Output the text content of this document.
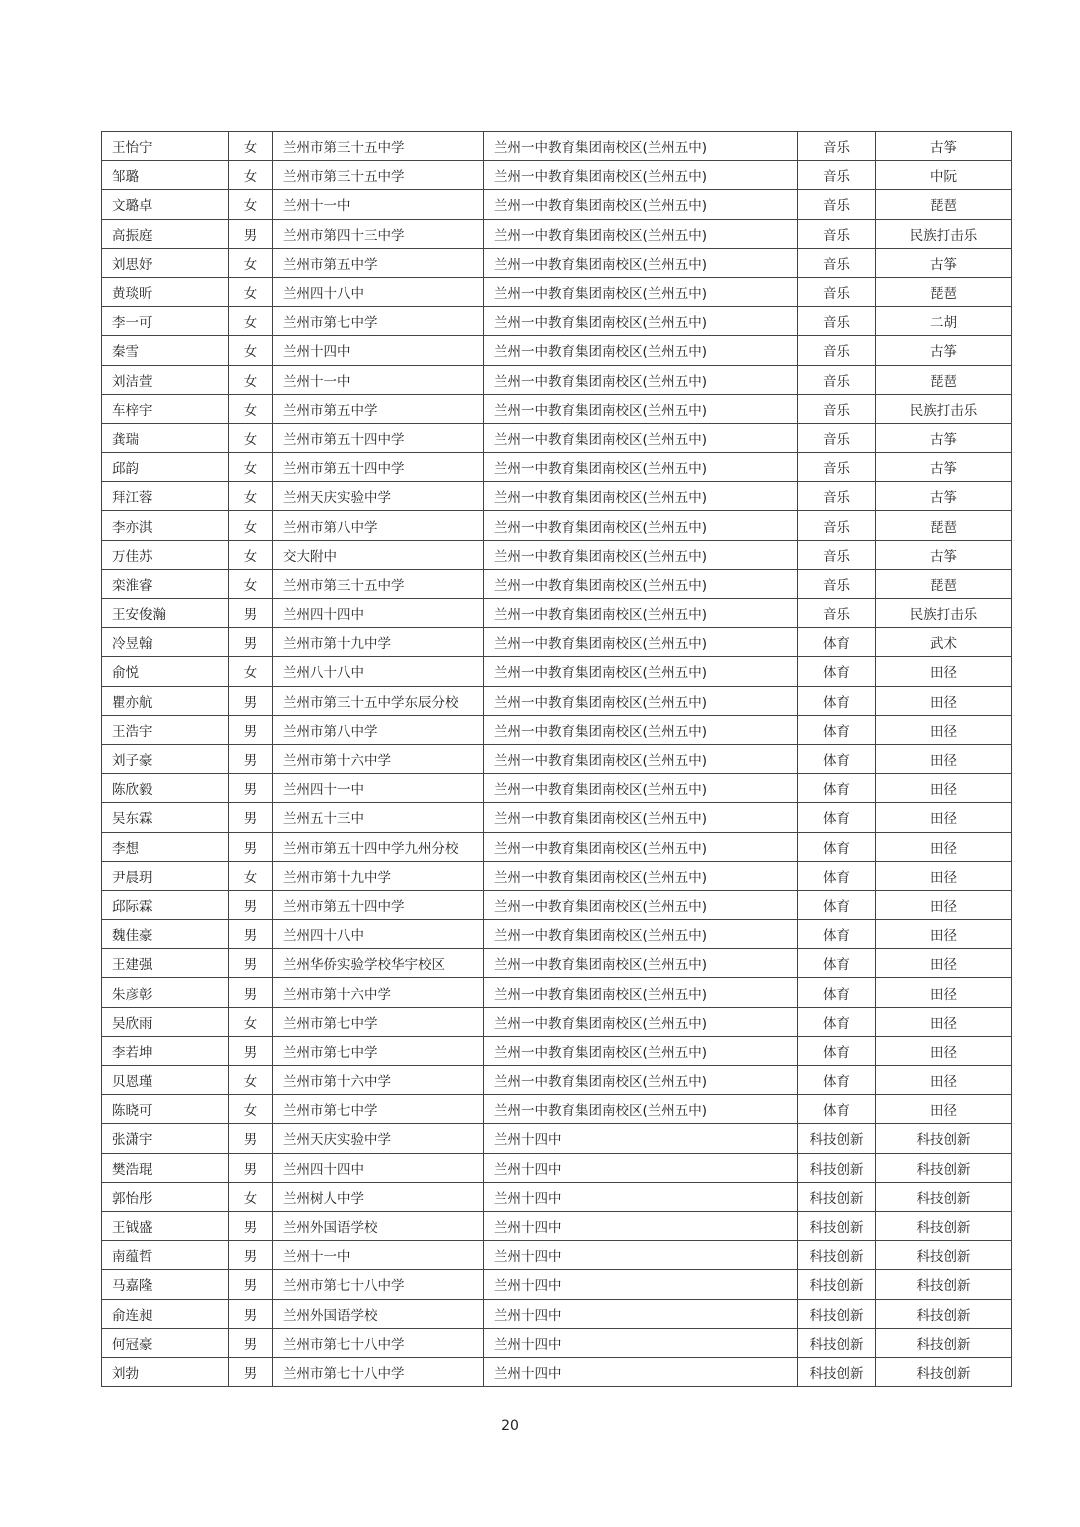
王怡宁	女	兰州市第三十五中学	兰州一中教育集团南校区(兰州五中)	音乐	古筝
邹璐	女	兰州市第三十五中学	兰州一中教育集团南校区(兰州五中)	音乐	中阮
文璐卓	女	兰州十一中	兰州一中教育集团南校区(兰州五中)	音乐	琵琶
高振庭	男	兰州市第四十三中学	兰州一中教育集团南校区(兰州五中)	音乐	民族打击乐
刘思妤	女	兰州市第五中学	兰州一中教育集团南校区(兰州五中)	音乐	古筝
黄琰昕	女	兰州四十八中	兰州一中教育集团南校区(兰州五中)	音乐	琵琶
李一可	女	兰州市第七中学	兰州一中教育集团南校区(兰州五中)	音乐	二胡
秦雪	女	兰州十四中	兰州一中教育集团南校区(兰州五中)	音乐	古筝
刘洁萱	女	兰州十一中	兰州一中教育集团南校区(兰州五中)	音乐	琵琶
车梓宇	女	兰州市第五中学	兰州一中教育集团南校区(兰州五中)	音乐	民族打击乐
龚瑞	女	兰州市第五十四中学	兰州一中教育集团南校区(兰州五中)	音乐	古筝
邱韵	女	兰州市第五十四中学	兰州一中教育集团南校区(兰州五中)	音乐	古筝
拜江蓉	女	兰州天庆实验中学	兰州一中教育集团南校区(兰州五中)	音乐	古筝
李亦淇	女	兰州市第八中学	兰州一中教育集团南校区(兰州五中)	音乐	琵琶
万佳苏	女	交大附中	兰州一中教育集团南校区(兰州五中)	音乐	古筝
栾淮睿	女	兰州市第三十五中学	兰州一中教育集团南校区(兰州五中)	音乐	琵琶
王安俊瀚	男	兰州四十四中	兰州一中教育集团南校区(兰州五中)	音乐	民族打击乐
冷昱翰	男	兰州市第十九中学	兰州一中教育集团南校区(兰州五中)	体育	武术
俞悦	女	兰州八十八中	兰州一中教育集团南校区(兰州五中)	体育	田径
瞿亦航	男	兰州市第三十五中学东辰分校	兰州一中教育集团南校区(兰州五中)	体育	田径
王浩宇	男	兰州市第八中学	兰州一中教育集团南校区(兰州五中)	体育	田径
刘子豪	男	兰州市第十六中学	兰州一中教育集团南校区(兰州五中)	体育	田径
陈欣毅	男	兰州四十一中	兰州一中教育集团南校区(兰州五中)	体育	田径
吴东霖	男	兰州五十三中	兰州一中教育集团南校区(兰州五中)	体育	田径
李想	男	兰州市第五十四中学九州分校	兰州一中教育集团南校区(兰州五中)	体育	田径
尹晨玥	女	兰州市第十九中学	兰州一中教育集团南校区(兰州五中)	体育	田径
邱际霖	男	兰州市第五十四中学	兰州一中教育集团南校区(兰州五中)	体育	田径
魏佳豪	男	兰州四十八中	兰州一中教育集团南校区(兰州五中)	体育	田径
王建强	男	兰州华侨实验学校华宇校区	兰州一中教育集团南校区(兰州五中)	体育	田径
朱彦彰	男	兰州市第十六中学	兰州一中教育集团南校区(兰州五中)	体育	田径
吴欣雨	女	兰州市第七中学	兰州一中教育集团南校区(兰州五中)	体育	田径
李若坤	男	兰州市第七中学	兰州一中教育集团南校区(兰州五中)	体育	田径
贝恩瑾	女	兰州市第十六中学	兰州一中教育集团南校区(兰州五中)	体育	田径
陈晓可	女	兰州市第七中学	兰州一中教育集团南校区(兰州五中)	体育	田径
张潇宇	男	兰州天庆实验中学	兰州十四中	科技创新	科技创新
樊浩琨	男	兰州四十四中	兰州十四中	科技创新	科技创新
郭怡彤	女	兰州树人中学	兰州十四中	科技创新	科技创新
王钺盛	男	兰州外国语学校	兰州十四中	科技创新	科技创新
南蕴哲	男	兰州十一中	兰州十四中	科技创新	科技创新
马嘉隆	男	兰州市第七十八中学	兰州十四中	科技创新	科技创新
俞连昶	男	兰州外国语学校	兰州十四中	科技创新	科技创新
何冠豪	男	兰州市第七十八中学	兰州十四中	科技创新	科技创新
刘勃	男	兰州市第七十八中学	兰州十四中	科技创新	科技创新
20
